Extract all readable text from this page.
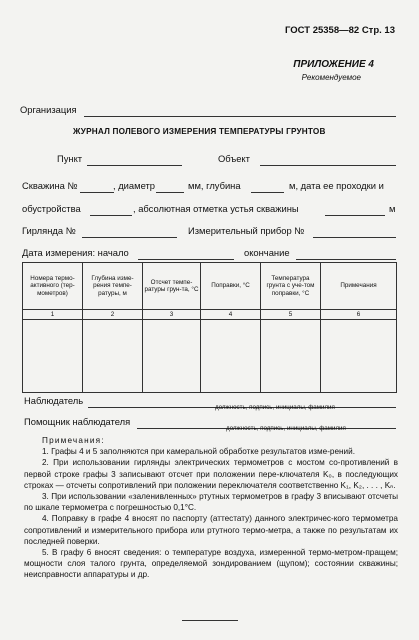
ГОСТ 25358—82 Стр. 13
ПРИЛОЖЕНИЕ 4
Рекомендуемое
Организация
ЖУРНАЛ ПОЛЕВОГО ИЗМЕРЕНИЯ ТЕМПЕРАТУРЫ ГРУНТОВ
Пункт	Объект
Скважина №	, диаметр	мм, глубина	м, дата ее проходки и
обустройства	, абсолютная отметка устья скважины	м
Гирлянда №	Измерительный прибор №
Дата измерения: начало	окончание
Номера термо-активного (тер-мометров)	Глубина изме-рения темпе-ратуры, м	Отсчет темпе-ратуры грун-та, °С	Поправки, °С	Температура грунта с уче-том поправки, °С	Примечания
1	2	3	4	5	6

Наблюдатель
должность, подпись, инициалы, фамилия
Помощник наблюдателя
должность, подпись, инициалы, фамилия
Примечания:

1. Графы 4 и 5 заполняются при камеральной обработке результатов изме-рений.

2. При использовании гирлянды электрических термометров с мостом со-противлений в первой строке графы 3 записывают отсчет при положении пере-ключателя K₀, в последующих строках — отсчеты сопротивлений при положении переключателя соответственно K₁, K₂, . . . , Kₙ.

3. При использовании «заленивленных» ртутных термометров в графу 3 вписывают отсчеты по шкале термометра с погрешностью 0,1°С.

4. Поправку в графе 4 вносят по паспорту (аттестату) данного электричес-кого термометра сопротивлений и измерительного прибора или ртутного термо-метра, а также по результатам их последней поверки.

5. В графу 6 вносят сведения: о температуре воздуха, измеренной термо-метром-пращем; мощности слоя талого грунта, определяемой зондированием (щупом); состоянии скважины; неисправности аппаратуры и др.
